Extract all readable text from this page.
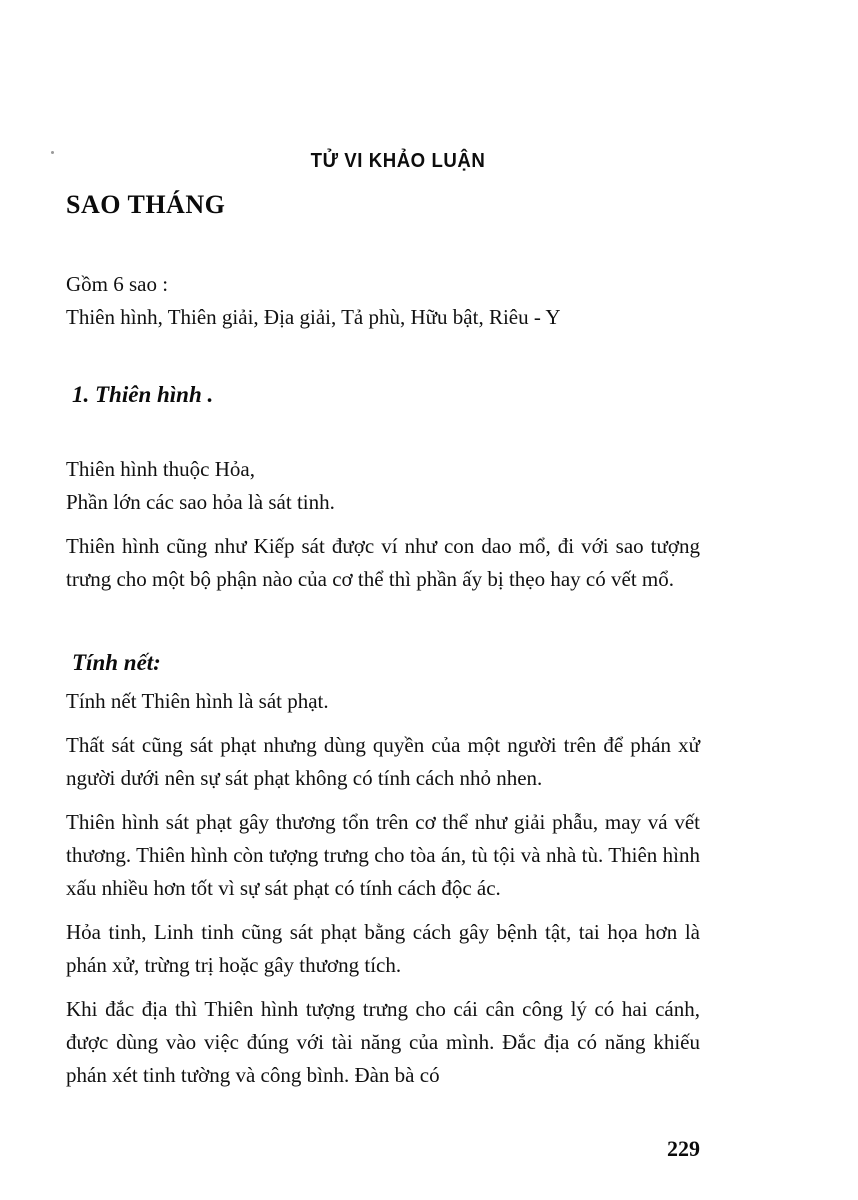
TỬ VI KHẢO LUẬN
SAO THÁNG
Gồm 6 sao :
Thiên hình, Thiên giải, Địa giải, Tả phù, Hữu bật, Riêu - Y
1. Thiên hình .
Thiên hình thuộc Hỏa,
Phần lớn các sao hỏa là sát tinh.

Thiên hình cũng như Kiếp sát được ví như con dao mổ, đi với sao tượng trưng cho một bộ phận nào của cơ thể thì phần ấy bị thẹo hay có vết mổ.

Tính nết:

Tính nết Thiên hình là sát phạt.

Thất sát cũng sát phạt nhưng dùng quyền của một người trên để phán xử người dưới nên sự sát phạt không có tính cách nhỏ nhen.

Thiên hình sát phạt gây thương tổn trên cơ thể như giải phẫu, may vá vết thương. Thiên hình còn tượng trưng cho tòa án, tù tội và nhà tù. Thiên hình xấu nhiều hơn tốt vì sự sát phạt có tính cách độc ác.

Hỏa tinh, Linh tinh cũng sát phạt bằng cách gây bệnh tật, tai họa hơn là phán xử, trừng trị hoặc gây thương tích.

Khi đắc địa thì Thiên hình tượng trưng cho cái cân công lý có hai cánh, được dùng vào việc đúng với tài năng của mình. Đắc địa có năng khiếu phán xét tinh tường và công bình. Đàn bà có

229
